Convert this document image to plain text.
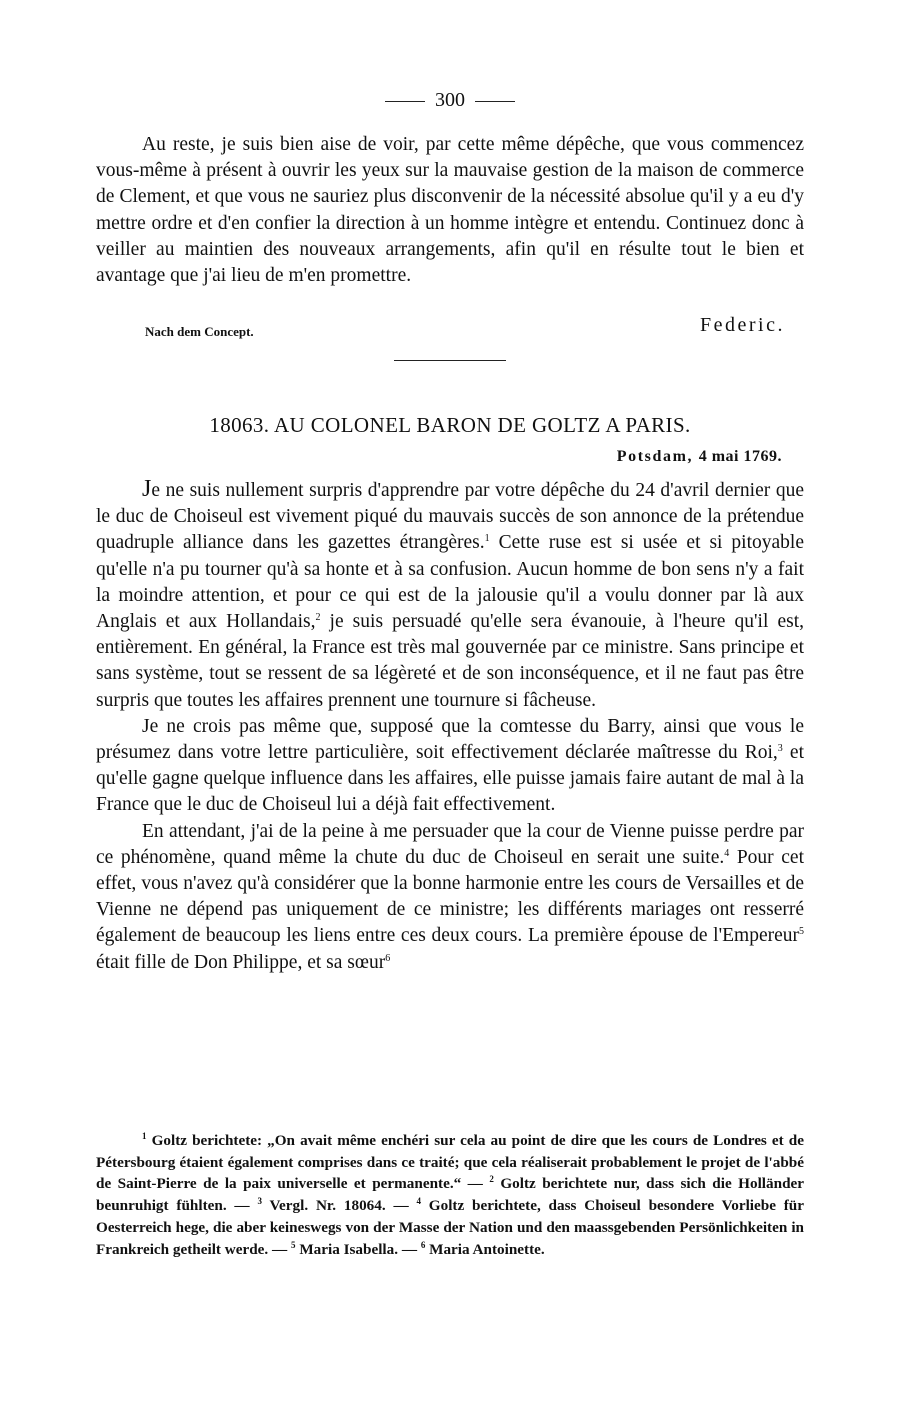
300

Au reste, je suis bien aise de voir, par cette même dépêche, que vous commencez vous-même à présent à ouvrir les yeux sur la mauvaise gestion de la maison de commerce de Clement, et que vous ne sauriez plus disconvenir de la nécessité absolue qu'il y a eu d'y mettre ordre et d'en confier la direction à un homme intègre et entendu. Continuez donc à veiller au maintien des nouveaux arrangements, afin qu'il en résulte tout le bien et avantage que j'ai lieu de m'en promettre.

Nach dem Concept.	Federic.
18063. AU COLONEL BARON DE GOLTZ A PARIS.
Potsdam, 4 mai 1769.

Je ne suis nullement surpris d'apprendre par votre dépêche du 24 d'avril dernier que le duc de Choiseul est vivement piqué du mauvais succès de son annonce de la prétendue quadruple alliance dans les gazettes étrangères.$^1$ Cette ruse est si usée et si pitoyable qu'elle n'a pu tourner qu'à sa honte et à sa confusion. Aucun homme de bon sens n'y a fait la moindre attention, et pour ce qui est de la jalousie qu'il a voulu donner par là aux Anglais et aux Hollandais,$^2$ je suis persuadé qu'elle sera évanouie, à l'heure qu'il est, entièrement. En général, la France est très mal gouvernée par ce ministre. Sans principe et sans système, tout se ressent de sa légèreté et de son inconséquence, et il ne faut pas être surpris que toutes les affaires prennent une tournure si fâcheuse.

Je ne crois pas même que, supposé que la comtesse du Barry, ainsi que vous le présumez dans votre lettre particulière, soit effectivement déclarée maîtresse du Roi,$^3$ et qu'elle gagne quelque influence dans les affaires, elle puisse jamais faire autant de mal à la France que le duc de Choiseul lui a déjà fait effectivement.

En attendant, j'ai de la peine à me persuader que la cour de Vienne puisse perdre par ce phénomène, quand même la chute du duc de Choiseul en serait une suite.$^4$ Pour cet effet, vous n'avez qu'à considérer que la bonne harmonie entre les cours de Versailles et de Vienne ne dépend pas uniquement de ce ministre; les différents mariages ont resserré également de beaucoup les liens entre ces deux cours. La première épouse de l'Empereur$^5$ était fille de Don Philippe, et sa sœur$^6$

$^1$ Goltz berichtete: „On avait même enchéri sur cela au point de dire que les cours de Londres et de Pétersbourg étaient également comprises dans ce traité; que cela réaliserait probablement le projet de l'abbé de Saint-Pierre de la paix universelle et permanente.“ — $^2$ Goltz berichtete nur, dass sich die Holländer beunruhigt fühlten. — $^3$ Vergl. Nr. 18064. — $^4$ Goltz berichtete, dass Choiseul besondere Vorliebe für Oesterreich hege, die aber keineswegs von der Masse der Nation und den maassgebenden Persönlichkeiten in Frankreich getheilt werde. — $^5$ Maria Isabella. — $^6$ Maria Antoinette.
